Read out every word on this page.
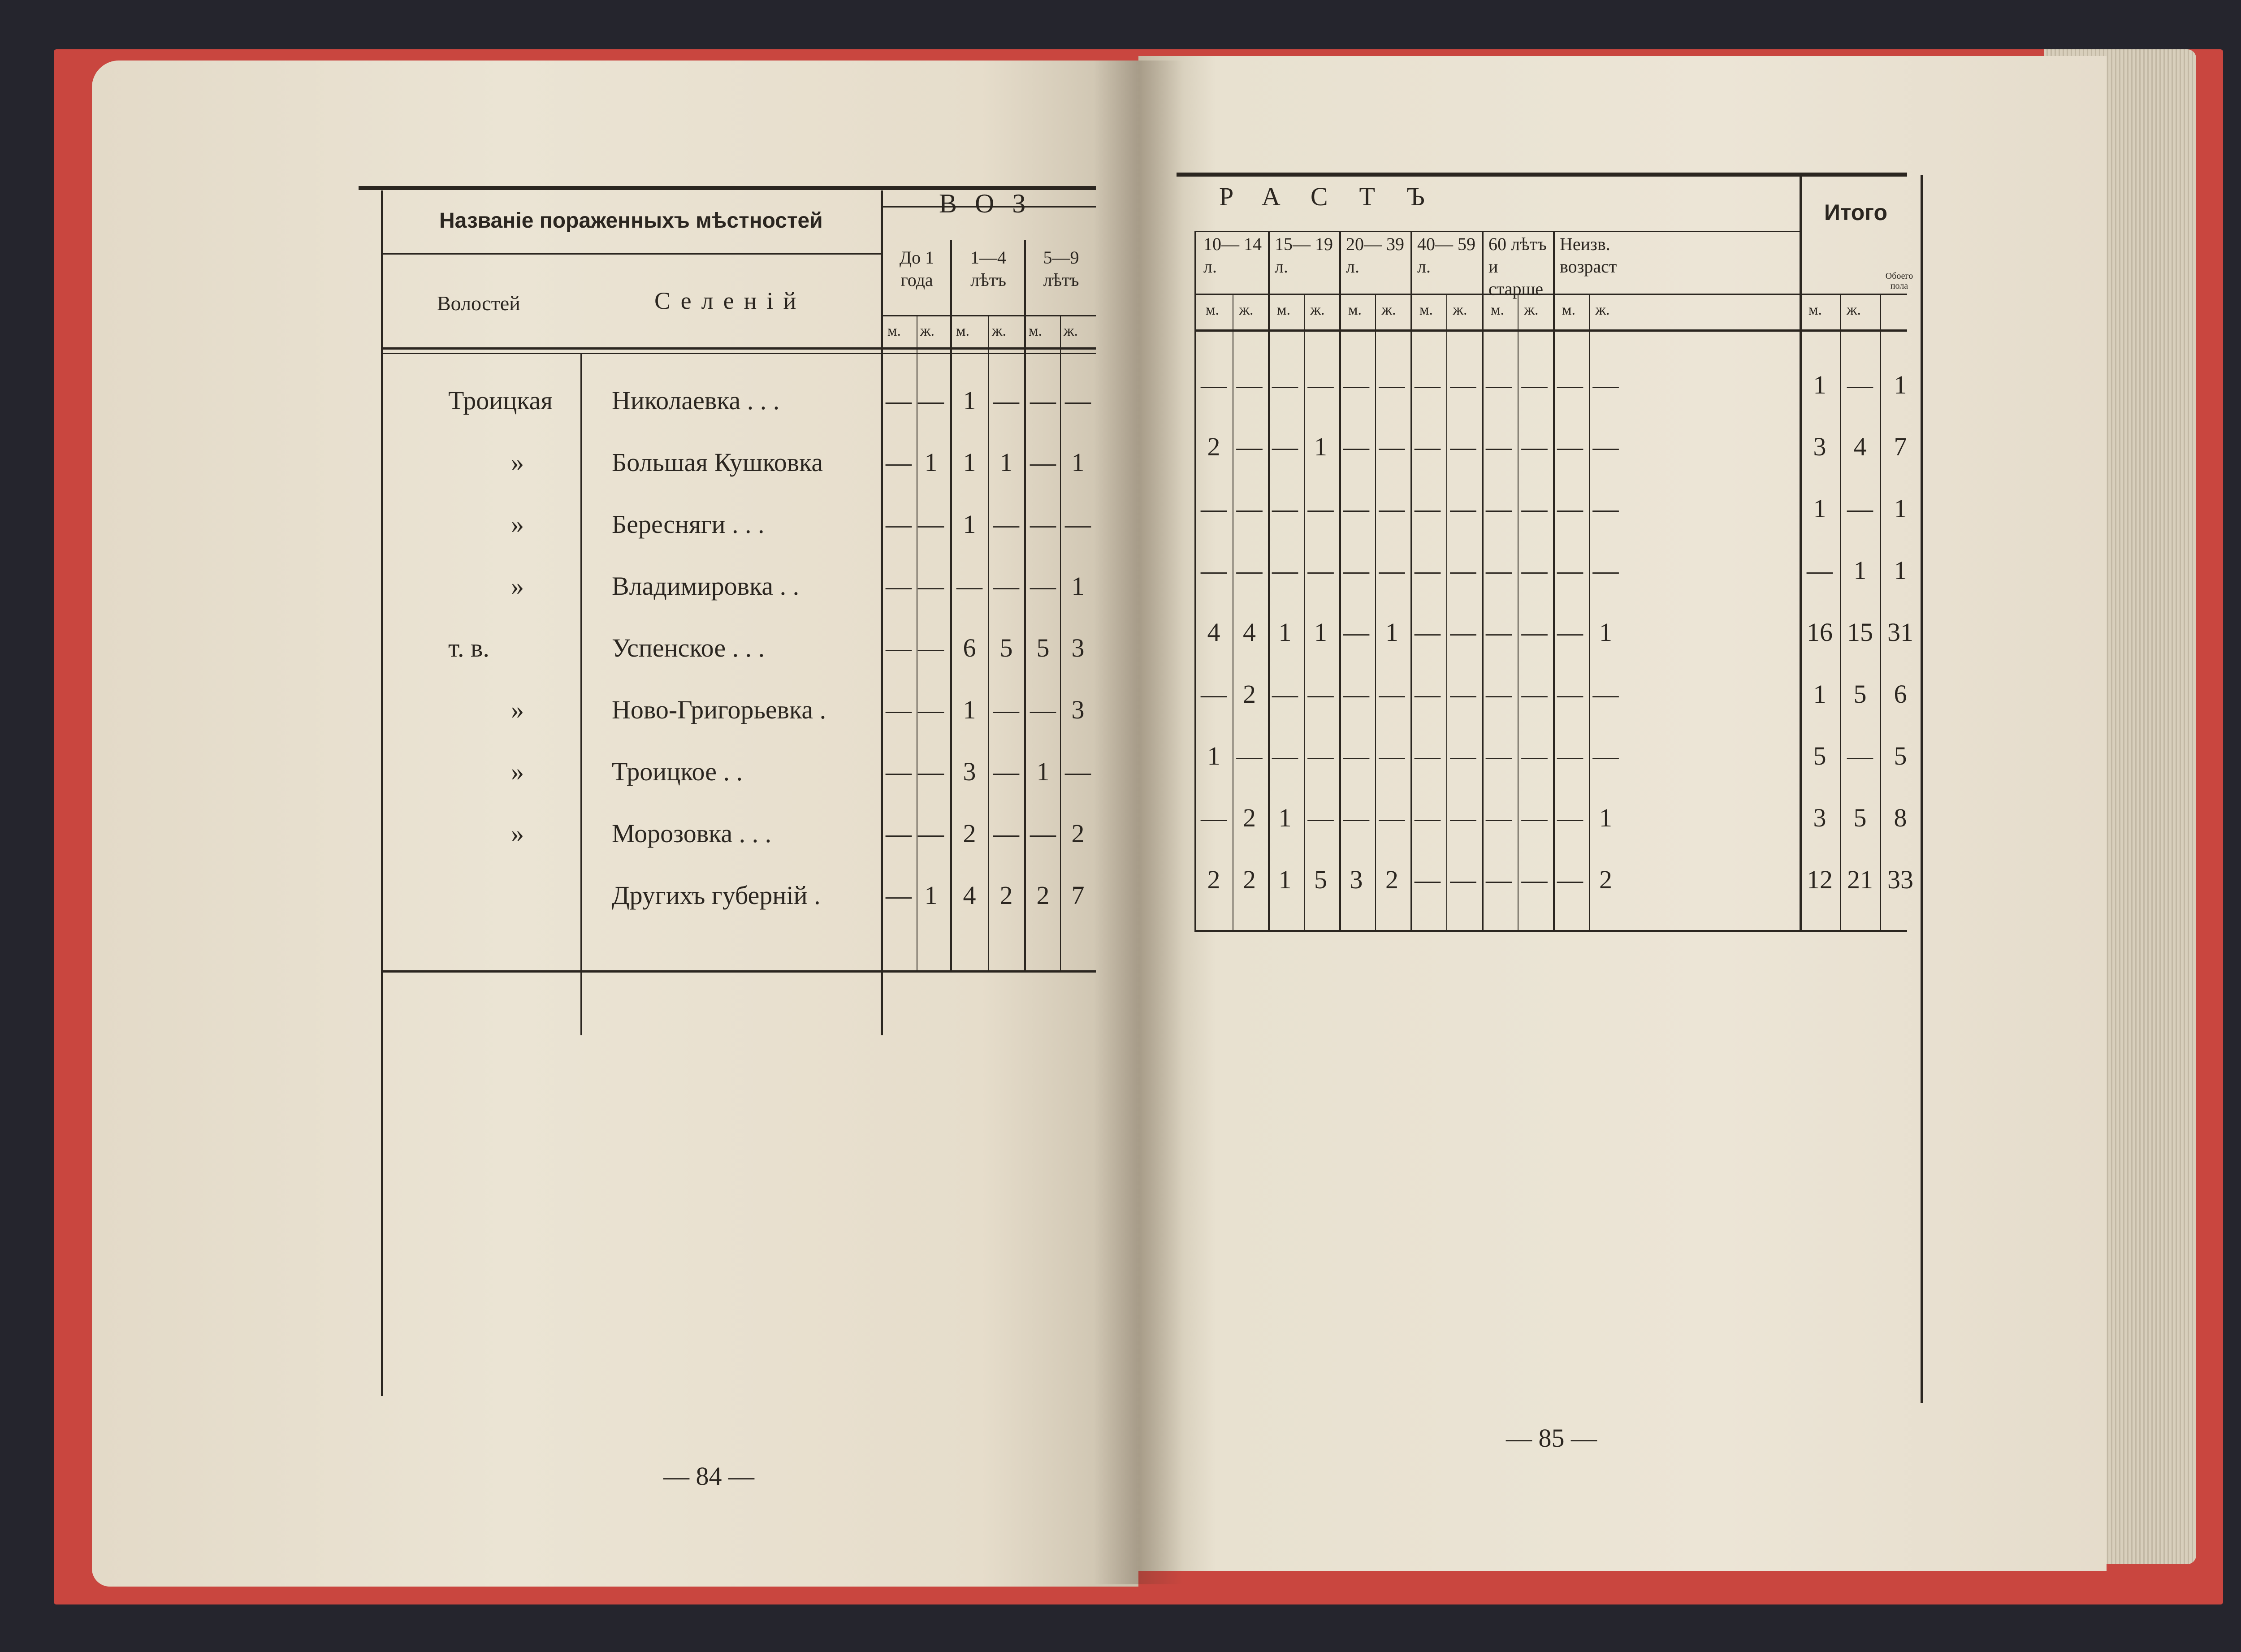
Названіе пораженныхъ мѣстностей
Волостей	Селеній
ВОЗ
До 1 года
1—4 лѣтъ
5—9 лѣтъ
м. ж. м. ж. м. ж.
Троицкая Николаевка . . .	— — 1 — — —
»	Большая Кушковка — 1 1 1 — 1
»	Бересняги . . .	— — 1 — — —
»	Владимировка . .	— — — — — 1
т. в.	Успенское . . .	— — 6 5 5 3
»	Ново-Григорьевка . — — 1 — — 3
»	Троицкое . .	— — 3 — 1 —
»	Морозовка . . .	— — 2 — — 2
Другихъ губерній .	— 1 4 2 2 7
— 84 —
РАСТЪ
Итого
Обоего пола
10— 14 л.
15— 19 л.
20— 39 л.
40— 59 л.
60 лѣтъ и старше
Неизв. возраст
м. ж. м. ж. м. ж. м. ж. м. ж. м. ж.	м. ж.
— — — — — — — — — — — —	1 — 1
2 — — 1 — — — — — — — —	3	4	7
— — — — — — — — — — — —	1 — 1
— — — — — — — — — — — —	— 1	1
4 4 1 1 — 1 — — — — — 1	16 15 31
— 2 — — — — — — — — — —	1	5	6
1 — — — — — — — — — — —	5 — 5
— 2 1 — — — — — — — — 1	3	5	8
2 2 1 5 3 2 — — — — — 2	12 21 33
— 85 —
